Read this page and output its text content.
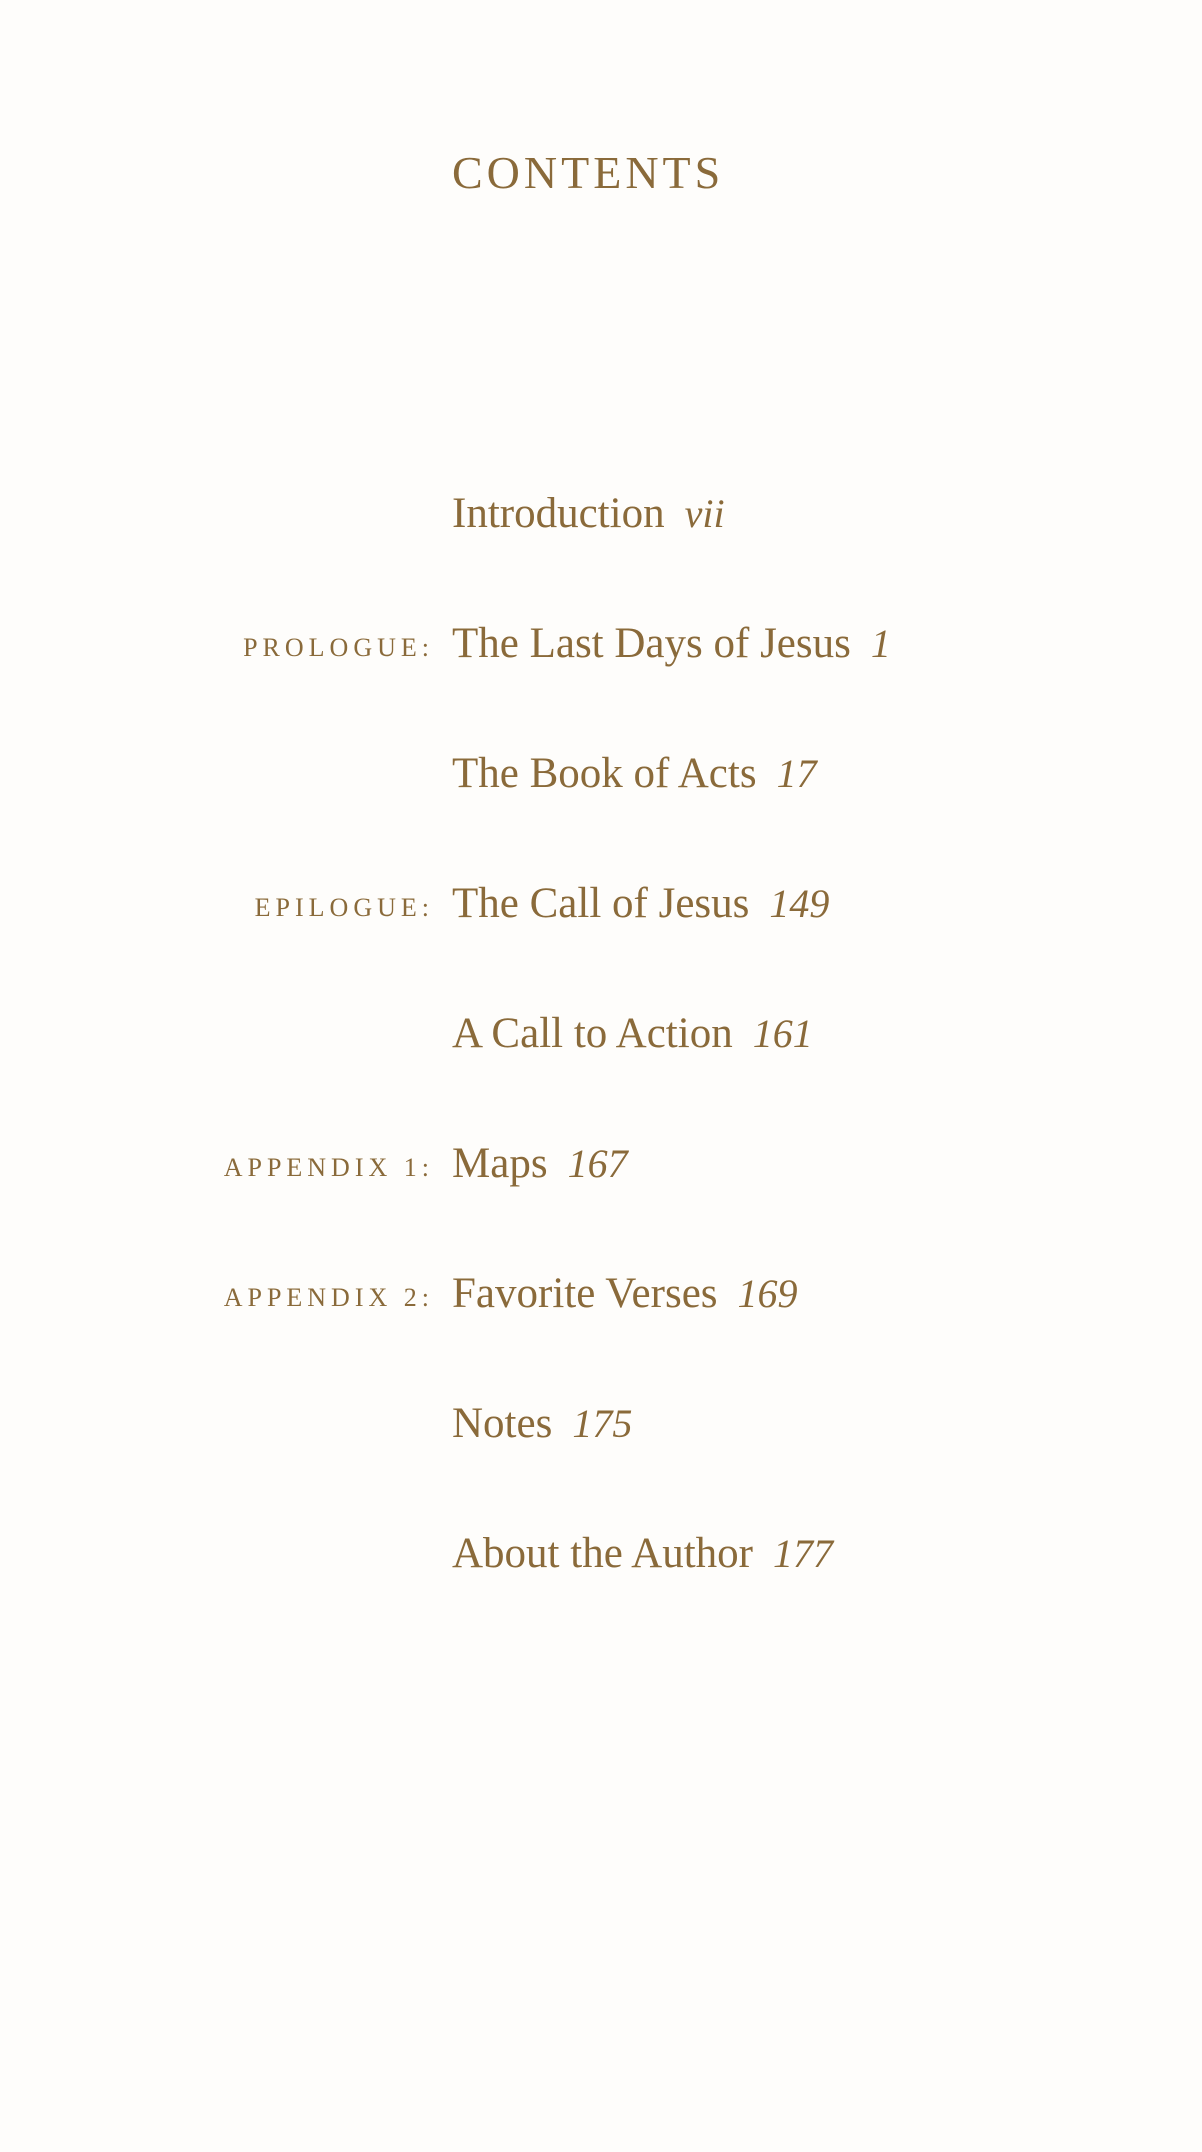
CONTENTS
Introduction vii
PROLOGUE: The Last Days of Jesus 1
The Book of Acts 17
EPILOGUE: The Call of Jesus 149
A Call to Action 161
APPENDIX 1: Maps 167
APPENDIX 2: Favorite Verses 169
Notes 175
About the Author 177
